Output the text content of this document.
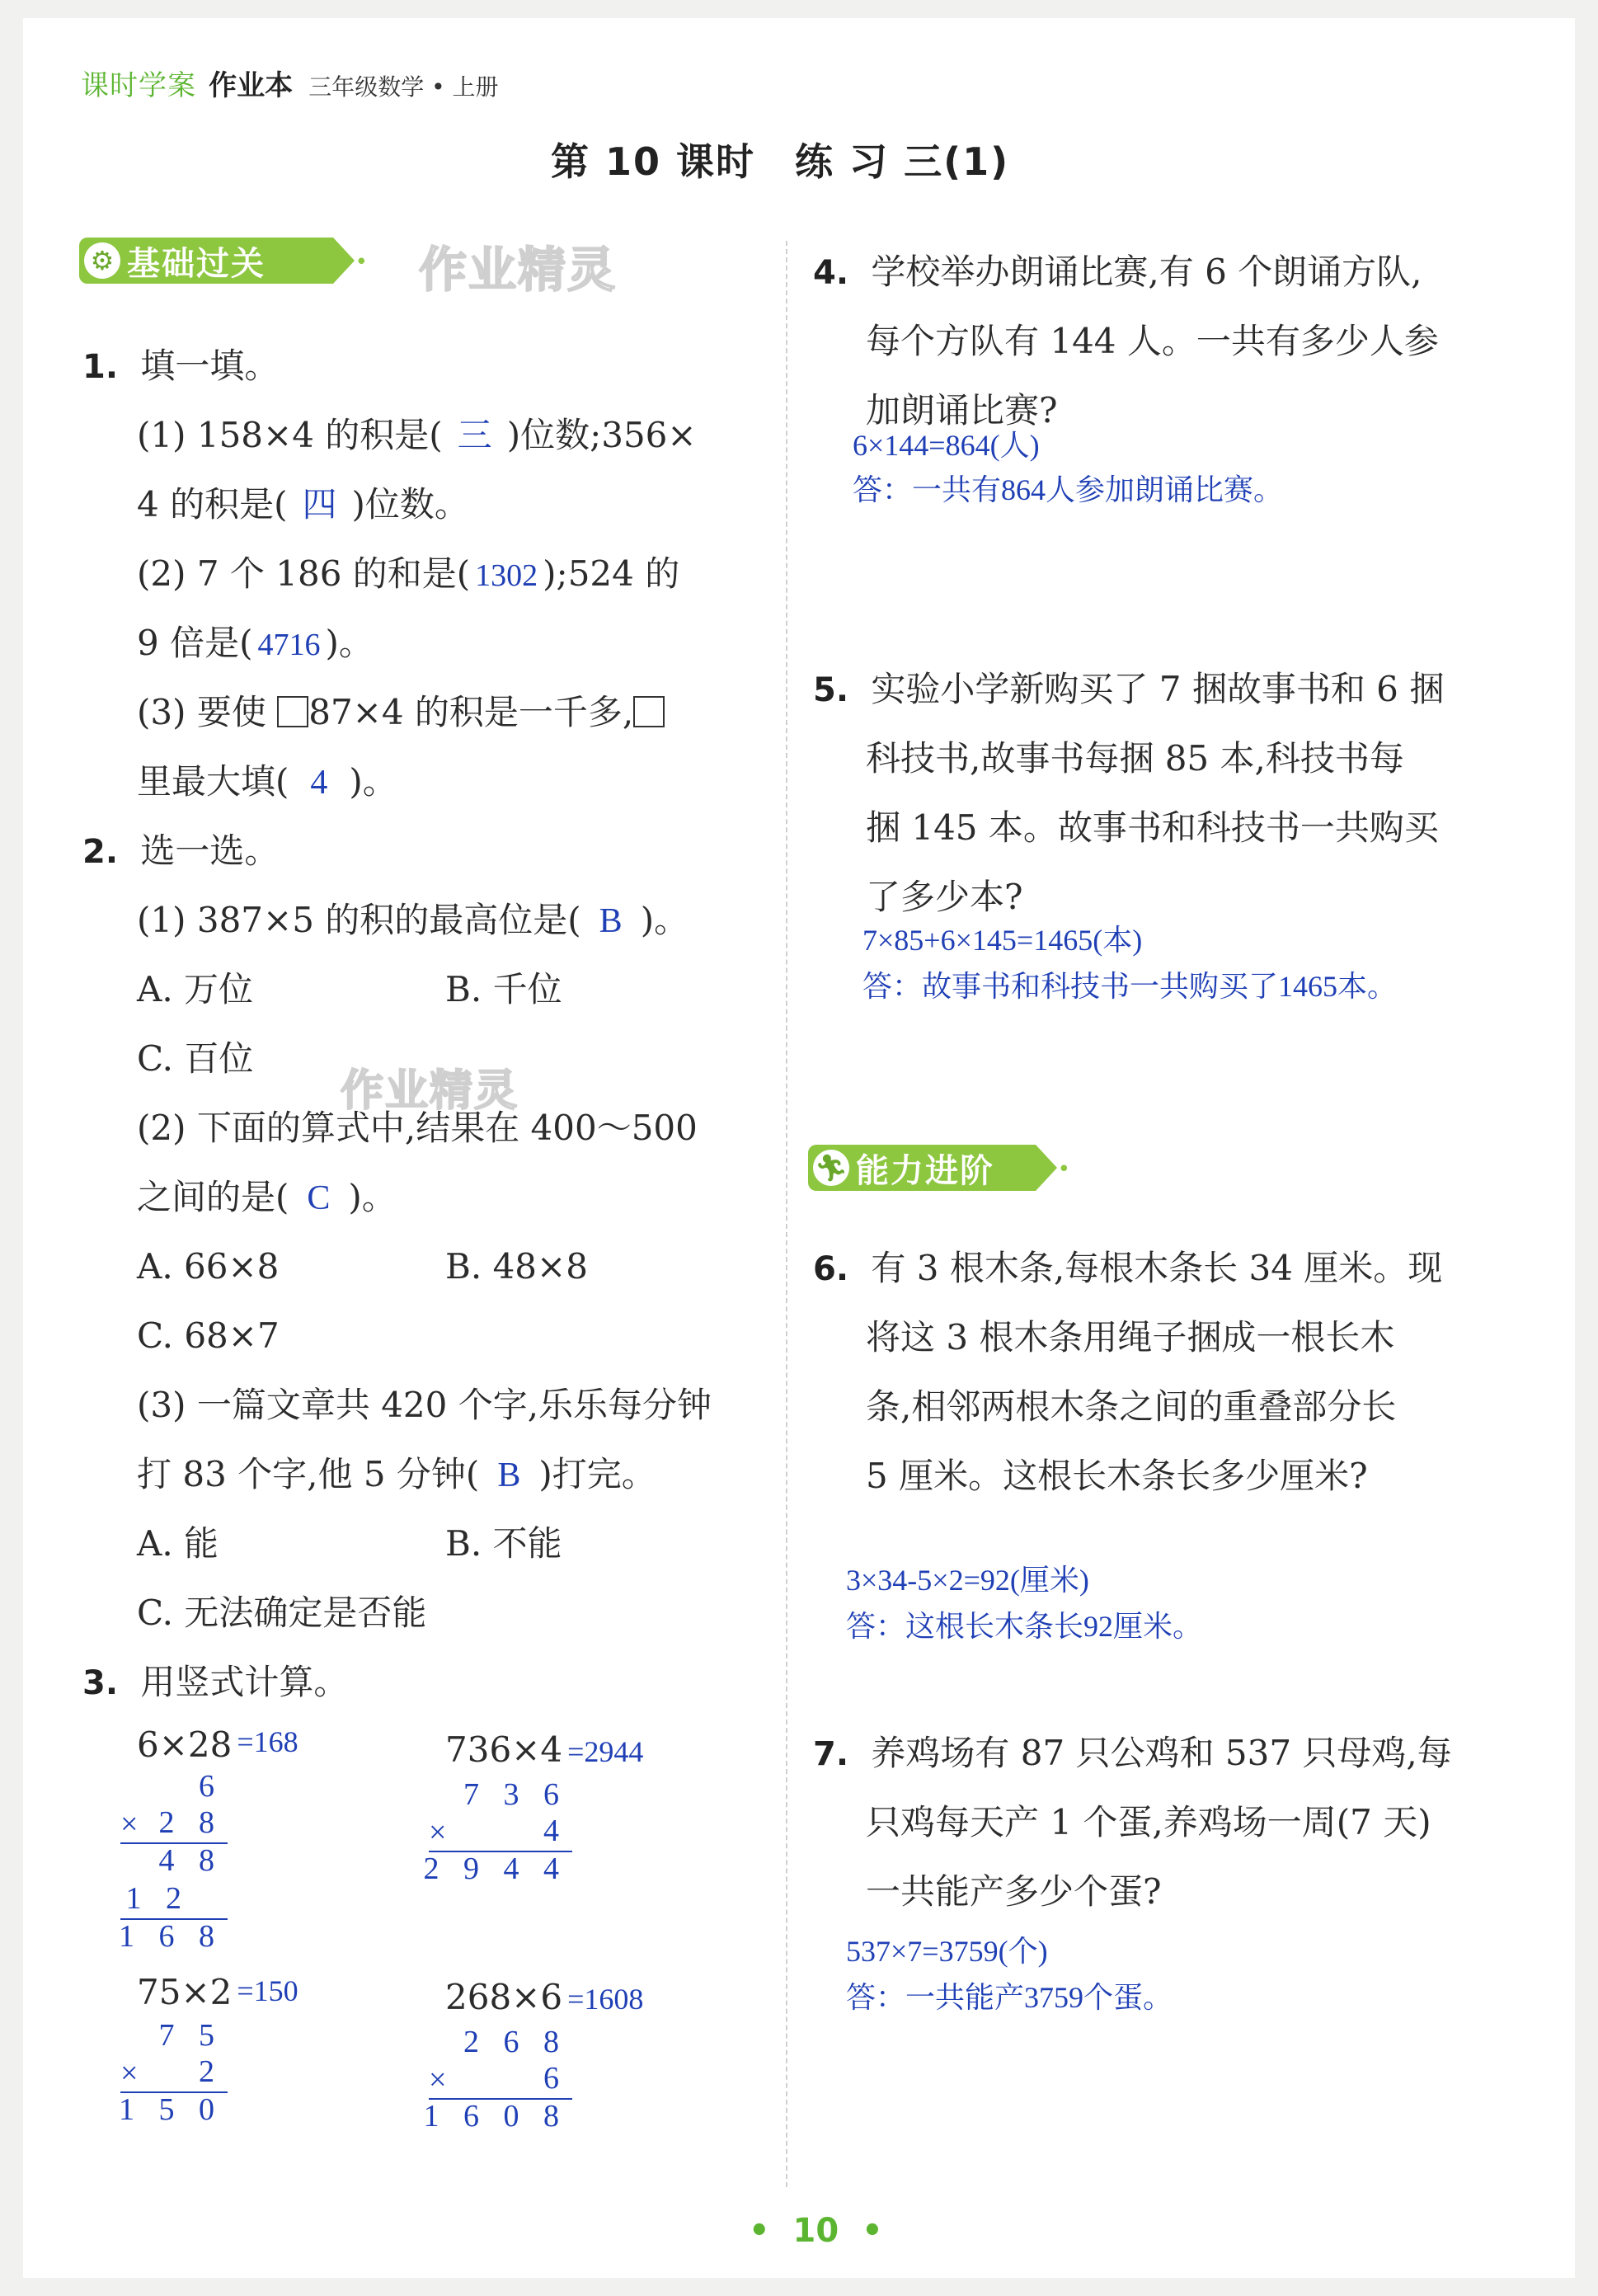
课时学案 作业本 三年级数学 • 上册
第 10 课时　练 习 三(1)
⚙ 基础过关	• 作业精灵
作业精灵
1. 填一填。
(1) 158×4 的积是( 三 )位数;356×
4 的积是( 四 )位数。
(2) 7 个 186 的和是( 1302 );524 的
9 倍是( 4716 )。
(3) 要使 87×4 的积是一千多,
里最大填( 4 )。
2. 选一选。
(1) 387×5 的积的最高位是( B )。
A. 万位	B. 千位
C. 百位
(2) 下面的算式中,结果在 400～500
之间的是( C )。
A. 66×8	B. 48×8
C. 68×7
(3) 一篇文章共 420 个字,乐乐每分钟
打 83 个字,他 5 分钟( B )打完。
A. 能	B. 不能
C. 无法确定是否能
3. 用竖式计算。
6×28 =168
6
× 2 8
4 8
1 2
1 6 8
736×4 =2944
7 3 6
×	4
2 9 4 4
75×2 =150
7 5
× 2
1 5 0
268×6 =1608
2 6 8
×	6
1 6 0 8
4. 学校举办朗诵比赛,有 6 个朗诵方队,
每个方队有 144 人。一共有多少人参
加朗诵比赛?
6×144=864(人)
答：一共有864人参加朗诵比赛。
5. 实验小学新购买了 7 捆故事书和 6 捆
科技书,故事书每捆 85 本,科技书每
捆 145 本。故事书和科技书一共购买
了多少本?
7×85+6×145=1465(本)
答：故事书和科技书一共购买了1465本。
🏃︎ 能力进阶	•
6. 有 3 根木条,每根木条长 34 厘米。现
将这 3 根木条用绳子捆成一根长木
条,相邻两根木条之间的重叠部分长
5 厘米。这根长木条长多少厘米?
3×34-5×2=92(厘米)
答：这根长木条长92厘米。
7. 养鸡场有 87 只公鸡和 537 只母鸡,每
只鸡每天产 1 个蛋,养鸡场一周(7 天)
一共能产多少个蛋?
537×7=3759(个)
答：一共能产3759个蛋。
• 10 •
